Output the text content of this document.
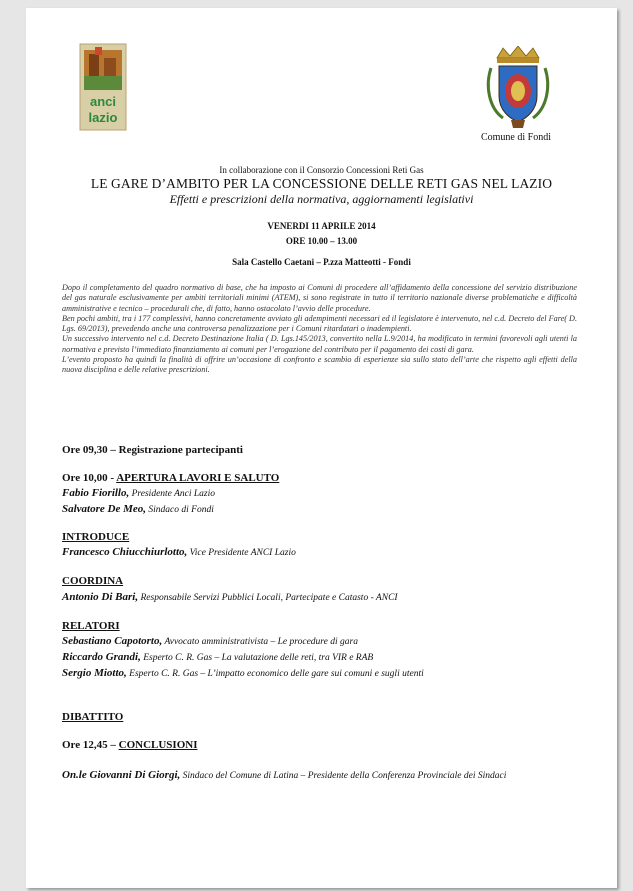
anci
lazio
Comune di Fondi
In collaborazione con il Consorzio Concessioni Reti Gas
LE GARE D’AMBITO PER LA CONCESSIONE DELLE RETI GAS NEL LAZIO
Effetti e prescrizioni della normativa, aggiornamenti legislativi
VENERDI 11 APRILE 2014
ORE 10.00 – 13.00
Sala Castello Caetani – P.zza Matteotti - Fondi

Dopo il completamento del quadro normativo di base, che ha imposto ai Comuni di procedere all’affidamento della concessione del servizio distribuzione del gas naturale esclusivamente per ambiti territoriali minimi (ATEM), si sono registrate in tutto il territorio nazionale diverse problematiche e difficoltà amministrative e tecnico – procedurali che, di fatto, hanno ostacolato l’avvio delle procedure.

Ben pochi ambiti, tra i 177 complessivi, hanno concretamente avviato gli adempimenti necessari ed il legislatore è intervenuto, nel c.d. Decreto del Fare( D. Lgs. 69/2013), prevedendo anche una controversa penalizzazione per i Comuni ritardatari o inadempienti.

Un successivo intervento nel c.d. Decreto Destinazione Italia ( D. Lgs.145/2013, convertito nella L.9/2014, ha modificato in termini favorevoli agli utenti la normativa e previsto l’immediato finanziamento ai comuni per l’erogazione del contributo per il pagamento dei costi di gara.

L’evento proposto ha quindi la finalità di offrire un’occasione di confronto e scambio di esperienze sia sullo stato dell’arte che rispetto agli effetti della nuova disciplina e delle relative prescrizioni.

Ore 09,30 – Registrazione partecipanti
Ore 10,00 - APERTURA LAVORI E SALUTO
Fabio Fiorillo, Presidente Anci Lazio
Salvatore De Meo, Sindaco di Fondi
INTRODUCE
Francesco Chiucchiurlotto, Vice Presidente ANCI Lazio
COORDINA
Antonio Di Bari, Responsabile Servizi Pubblici Locali, Partecipate e Catasto - ANCI
RELATORI
Sebastiano Capotorto, Avvocato amministrativista – Le procedure di gara
Riccardo Grandi, Esperto C. R. Gas – La valutazione delle reti, tra VIR e RAB
Sergio Miotto, Esperto C. R. Gas – L’impatto economico delle gare sui comuni e sugli utenti
DIBATTITO
Ore 12,45 – CONCLUSIONI
On.le Giovanni Di Giorgi, Sindaco del Comune di Latina – Presidente della Conferenza Provinciale dei Sindaci
